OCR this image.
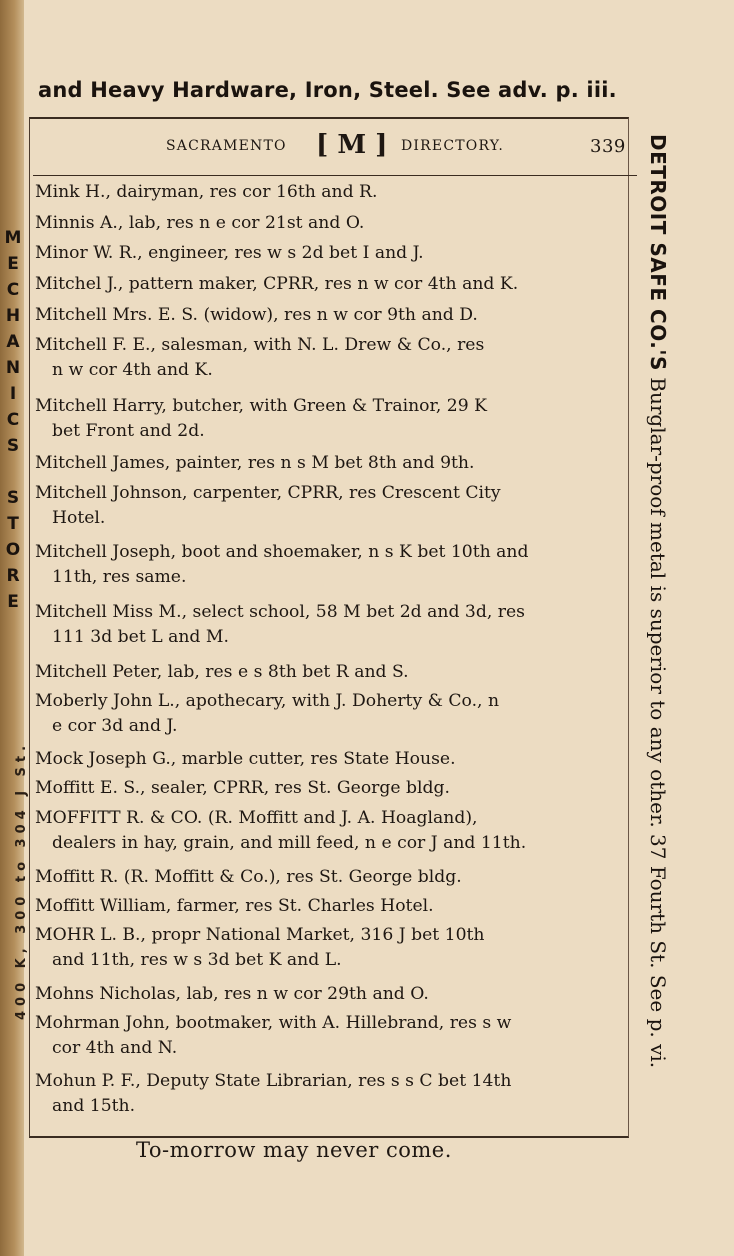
M
E
C
H
A
N
I
C
S

S
T
O
R
E
400 K, 300 to 304 J St.
and Heavy Hardware, Iron, Steel. See adv. p. iii.
SACRAMENTO [ M ] DIRECTORY.	339
Mink H., dairyman, res cor 16th and R.
Minnis A., lab, res n e cor 21st and O.
Minor W. R., engineer, res w s 2d bet I and J.
Mitchel J., pattern maker, CPRR, res n w cor 4th and K.
Mitchell Mrs. E. S. (widow), res n w cor 9th and D.
Mitchell F. E., salesman, with N. L. Drew & Co., res
n w cor 4th and K.
Mitchell Harry, butcher, with Green & Trainor, 29 K
bet Front and 2d.
Mitchell James, painter, res n s M bet 8th and 9th.
Mitchell Johnson, carpenter, CPRR, res Crescent City
Hotel.
Mitchell Joseph, boot and shoemaker, n s K bet 10th and
11th, res same.
Mitchell Miss M., select school, 58 M bet 2d and 3d, res
111 3d bet L and M.
Mitchell Peter, lab, res e s 8th bet R and S.
Moberly John L., apothecary, with J. Doherty & Co., n
e cor 3d and J.
Mock Joseph G., marble cutter, res State House.
Moffitt E. S., sealer, CPRR, res St. George bldg.
MOFFITT R. & CO. (R. Moffitt and J. A. Hoagland),
dealers in hay, grain, and mill feed, n e cor J and 11th.
Moffitt R. (R. Moffitt & Co.), res St. George bldg.
Moffitt William, farmer, res St. Charles Hotel.
MOHR L. B., propr National Market, 316 J bet 10th
and 11th, res w s 3d bet K and L.
Mohns Nicholas, lab, res n w cor 29th and O.
Mohrman John, bootmaker, with A. Hillebrand, res s w
cor 4th and N.
Mohun P. F., Deputy State Librarian, res s s C bet 14th
and 15th.
DETROIT SAFE CO.'S Burglar-proof metal is superior to any other. 37 Fourth St. See p. vi.
To-morrow may never come.
